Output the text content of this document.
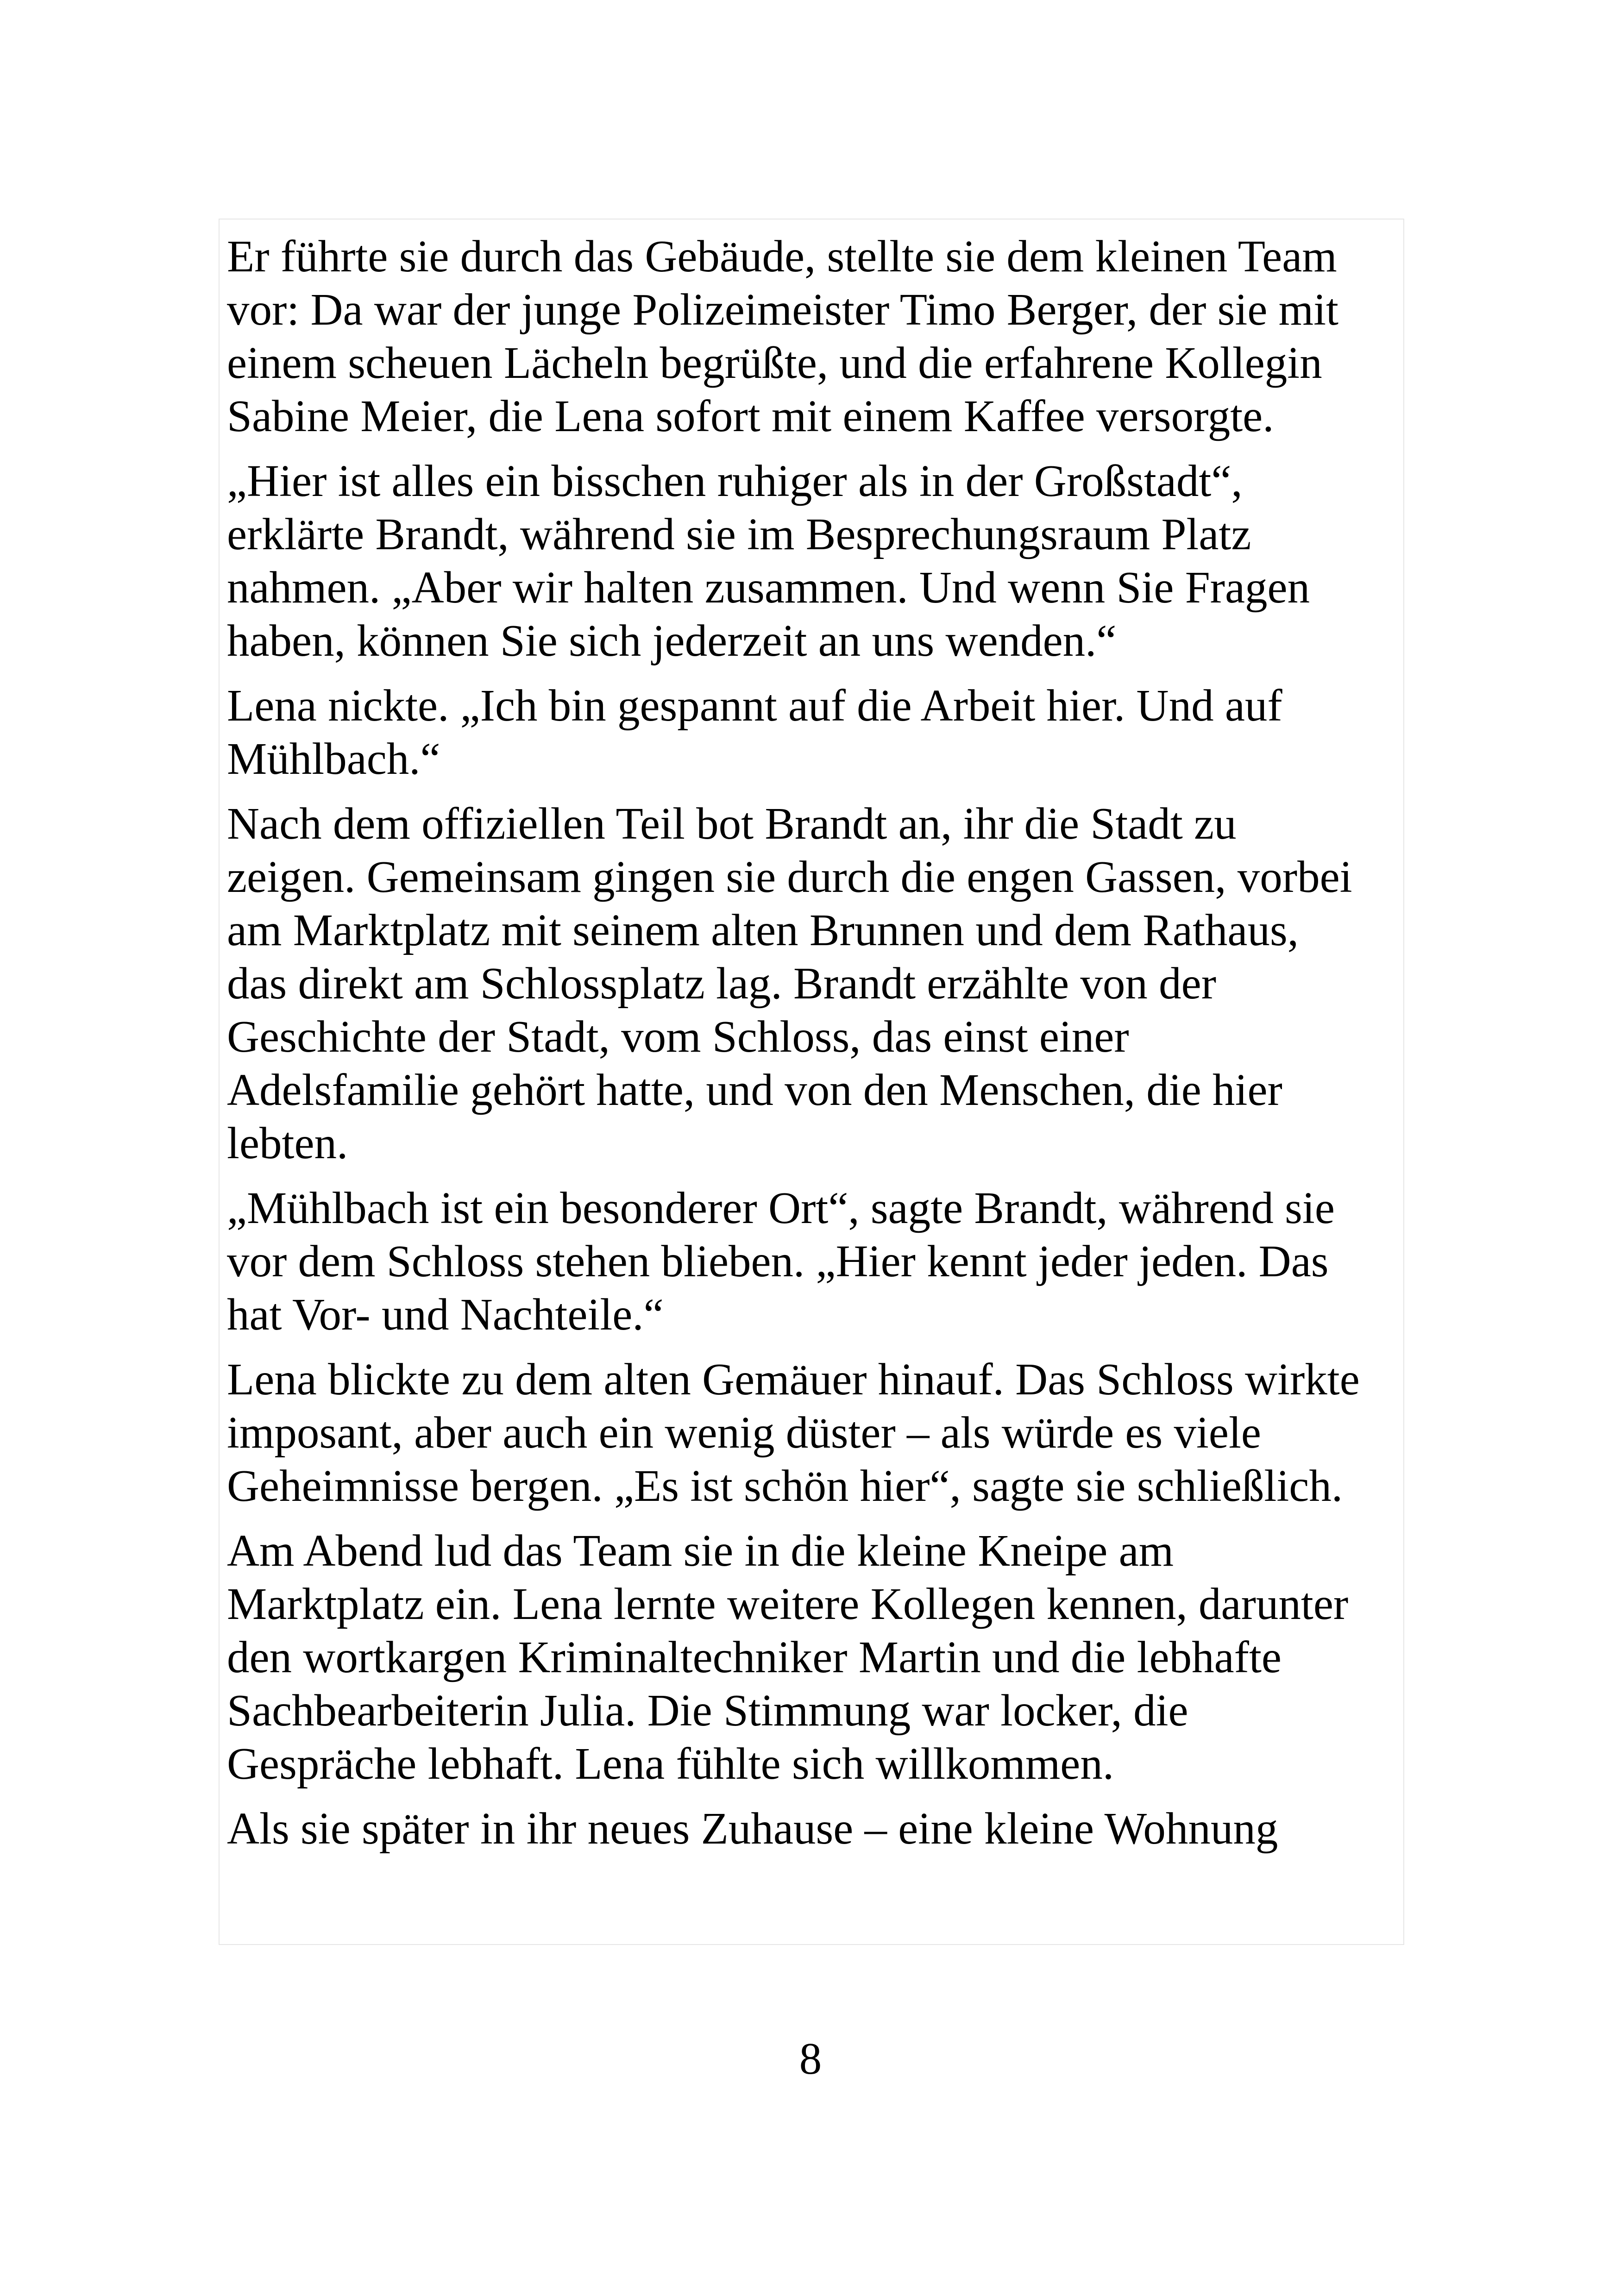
Er führte sie durch das Gebäude, stellte sie dem kleinen Team
vor: Da war der junge Polizeimeister Timo Berger, der sie mit
einem scheuen Lächeln begrüßte, und die erfahrene Kollegin
Sabine Meier, die Lena sofort mit einem Kaffee versorgte.

„Hier ist alles ein bisschen ruhiger als in der Großstadt“,
erklärte Brandt, während sie im Besprechungsraum Platz
nahmen. „Aber wir halten zusammen. Und wenn Sie Fragen
haben, können Sie sich jederzeit an uns wenden.“

Lena nickte. „Ich bin gespannt auf die Arbeit hier. Und auf
Mühlbach.“

Nach dem offiziellen Teil bot Brandt an, ihr die Stadt zu
zeigen. Gemeinsam gingen sie durch die engen Gassen, vorbei
am Marktplatz mit seinem alten Brunnen und dem Rathaus,
das direkt am Schlossplatz lag. Brandt erzählte von der
Geschichte der Stadt, vom Schloss, das einst einer
Adelsfamilie gehört hatte, und von den Menschen, die hier
lebten.

„Mühlbach ist ein besonderer Ort“, sagte Brandt, während sie
vor dem Schloss stehen blieben. „Hier kennt jeder jeden. Das
hat Vor- und Nachteile.“

Lena blickte zu dem alten Gemäuer hinauf. Das Schloss wirkte
imposant, aber auch ein wenig düster – als würde es viele
Geheimnisse bergen. „Es ist schön hier“, sagte sie schließlich.

Am Abend lud das Team sie in die kleine Kneipe am
Marktplatz ein. Lena lernte weitere Kollegen kennen, darunter
den wortkargen Kriminaltechniker Martin und die lebhafte
Sachbearbeiterin Julia. Die Stimmung war locker, die
Gespräche lebhaft. Lena fühlte sich willkommen.

Als sie später in ihr neues Zuhause – eine kleine Wohnung

8
